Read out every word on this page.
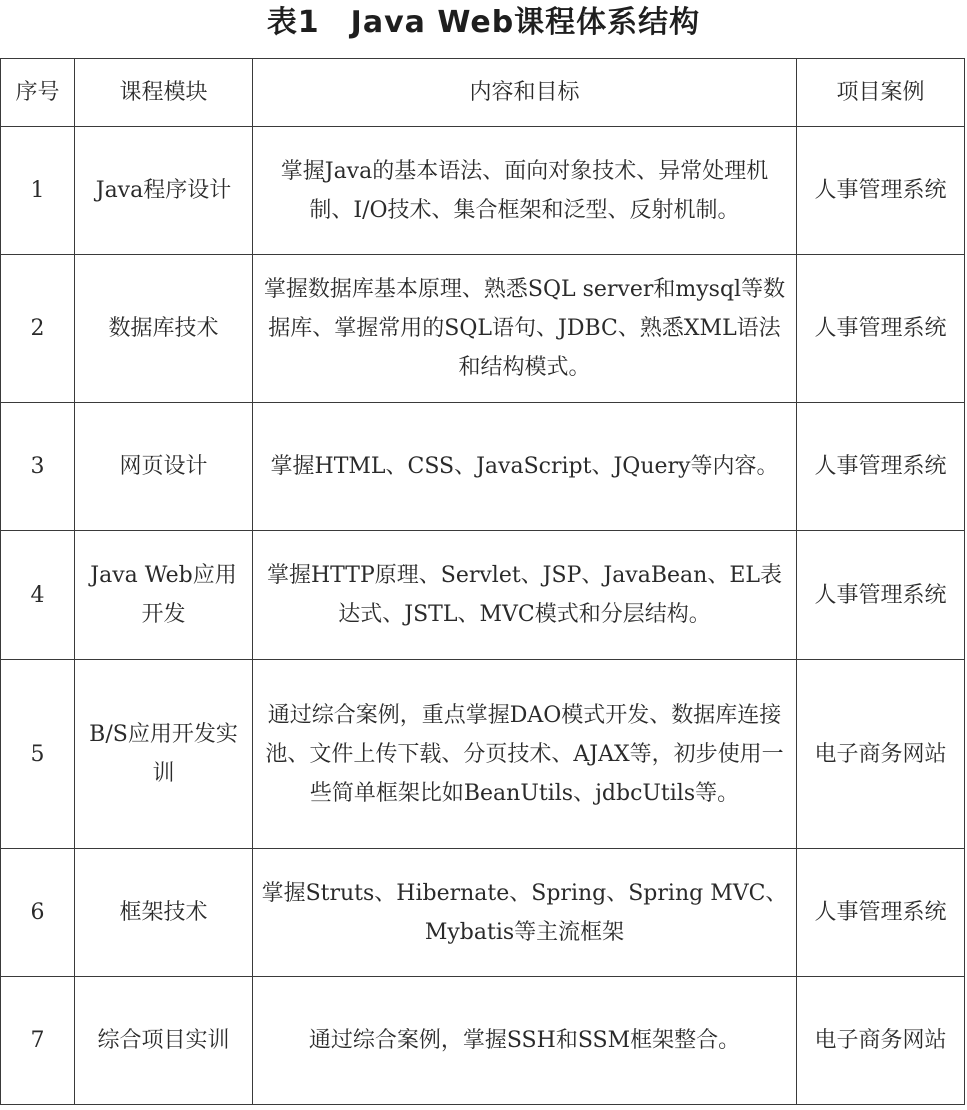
表1　Java Web课程体系结构
序号	课程模块	内容和目标	项目案例
1	Java程序设计	掌握Java的基本语法、面向对象技术、异常处理机制、I/O技术、集合框架和泛型、反射机制。	人事管理系统
2	数据库技术	掌握数据库基本原理、熟悉SQL server和mysql等数据库、掌握常用的SQL语句、JDBC、熟悉XML语法和结构模式。	人事管理系统
3	网页设计	掌握HTML、CSS、JavaScript、JQuery等内容。	人事管理系统
4	Java Web应用开发	掌握HTTP原理、Servlet、JSP、JavaBean、EL表达式、JSTL、MVC模式和分层结构。	人事管理系统
5	B/S应用开发实训	通过综合案例，重点掌握DAO模式开发、数据库连接池、文件上传下载、分页技术、AJAX等，初步使用一些简单框架比如BeanUtils、jdbcUtils等。	电子商务网站
6	框架技术	掌握Struts、Hibernate、Spring、Spring MVC、Mybatis等主流框架	人事管理系统
7	综合项目实训	通过综合案例，掌握SSH和SSM框架整合。	电子商务网站
